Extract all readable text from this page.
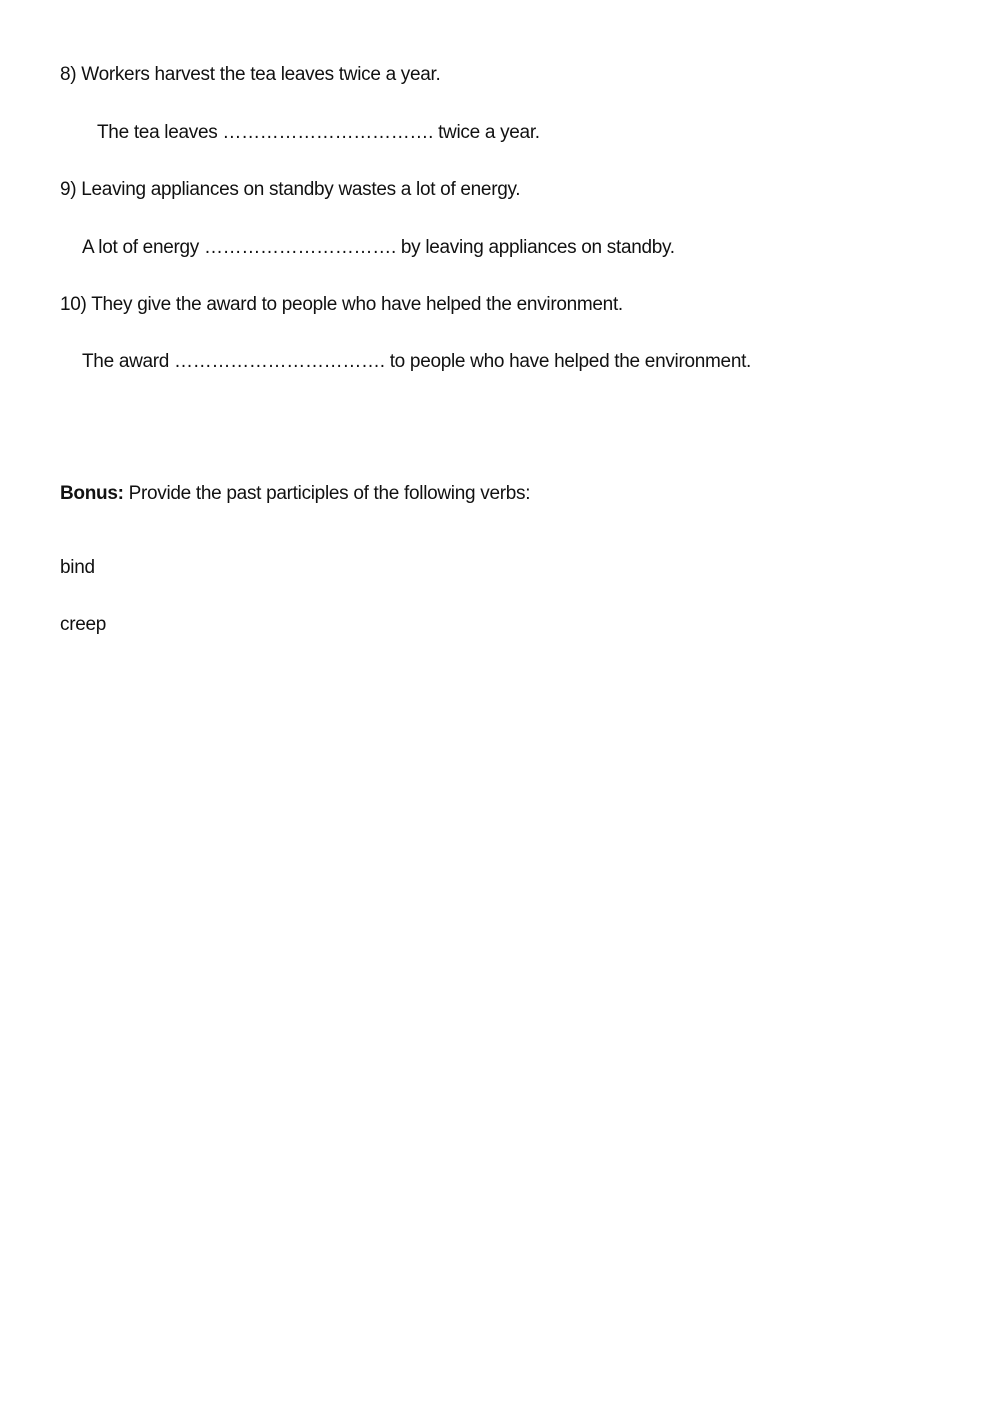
8) Workers harvest the tea leaves twice a year.
The tea leaves ……………………………. twice a year.
9) Leaving appliances on standby wastes a lot of energy.
A lot of energy …………………………. by leaving appliances on standby.
10) They give the award to people who have helped the environment.
The award ……………………………. to people who have helped the environment.
Bonus: Provide the past participles of the following verbs:
bind
creep
